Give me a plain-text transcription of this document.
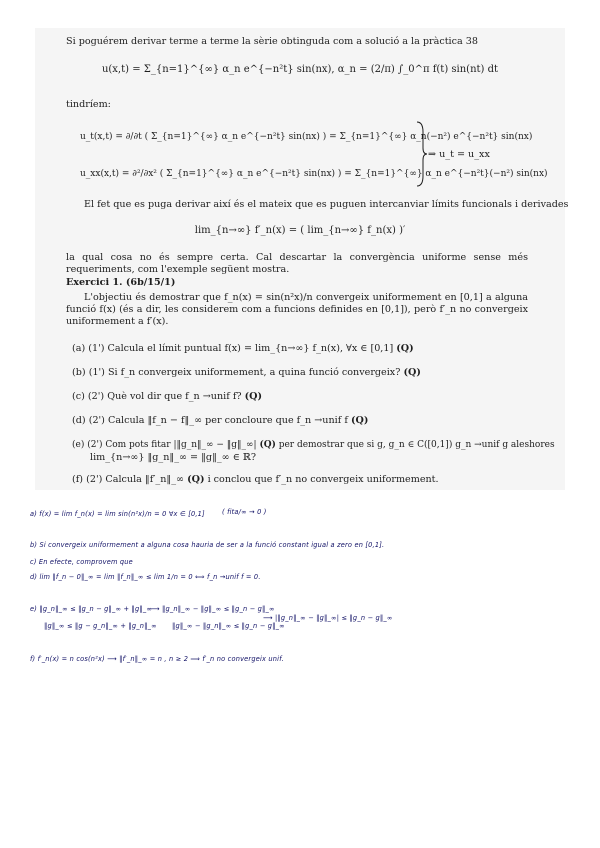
Si poguérem derivar terme a terme la sèrie obtinguda com a solució a la pràctica 38
u(x,t) = Σ_{n=1}^{∞} α_n e^{−n²t} sin(nx), α_n = (2/π) ∫_0^π f(t) sin(nt) dt
tindríem:
u_t(x,t) = ∂/∂t ( Σ_{n=1}^{∞} α_n e^{−n²t} sin(nx) ) = Σ_{n=1}^{∞} α_n(−n²) e^{−n²t} sin(nx)
u_xx(x,t) = ∂²/∂x² ( Σ_{n=1}^{∞} α_n e^{−n²t} sin(nx) ) = Σ_{n=1}^{∞} α_n e^{−n²t}(−n²) sin(nx)
⇒ u_t = u_xx
El fet que es puga derivar així és el mateix que es puguen intercanviar límits funcionals i derivades
lim_{n→∞} f′_n(x) = ( lim_{n→∞} f_n(x) )′
la qual cosa no és sempre certa. Cal descartar la convergència uniforme sense més requeriments, com l'exemple següent mostra.
Exercici 1. (6b/15/1)
L'objectiu és demostrar que f_n(x) = sin(n²x)/n convergeix uniformement en [0,1] a alguna funció f(x) (és a dir, les considerem com a funcions definides en [0,1]), però f′_n no convergeix uniformement a f′(x).
(a) (1') Calcula el límit puntual f(x) = lim_{n→∞} f_n(x), ∀x ∈ [0,1] (Q)
(b) (1') Si f_n convergeix uniformement, a quina funció convergeix? (Q)
(c) (2') Què vol dir que f_n →unif f? (Q)
(d) (2') Calcula ‖f_n − f‖_∞ per concloure que f_n →unif f (Q)
(e) (2') Com pots fitar |‖g_n‖_∞ − ‖g‖_∞| (Q) per demostrar que si g, g_n ∈ C([0,1]) g_n →unif g aleshores
lim_{n→∞} ‖g_n‖_∞ = ‖g‖_∞ ∈ ℝ?
(f) (2') Calcula ‖f′_n‖_∞ (Q) i conclou que f′_n no convergeix uniformement.
a) f(x) = lim f_n(x) = lim sin(n²x)/n = 0 ∀x ∈ [0,1]	( fita/∞ → 0 )
b) Si convergeix uniformement a alguna cosa hauria de ser a la funció constant igual a zero en [0,1].
c) En efecte, comprovem que
d) lim ‖f_n − 0‖_∞ = lim ‖f_n‖_∞ ≤ lim 1/n = 0 ⟺ f_n →unif f = 0.
e) ‖g_n‖_∞ ≤ ‖g_n − g‖_∞ + ‖g‖_∞
‖g‖_∞ ≤ ‖g − g_n‖_∞ + ‖g_n‖_∞
⟶ ‖g_n‖_∞ − ‖g‖_∞ ≤ ‖g_n − g‖_∞
‖g‖_∞ − ‖g_n‖_∞ ≤ ‖g_n − g‖_∞
⟶ |‖g_n‖_∞ − ‖g‖_∞| ≤ ‖g_n − g‖_∞
f) f′_n(x) = n cos(n²x) ⟶ ‖f′_n‖_∞ = n , n ≥ 2 ⟹ f′_n no convergeix unif.
